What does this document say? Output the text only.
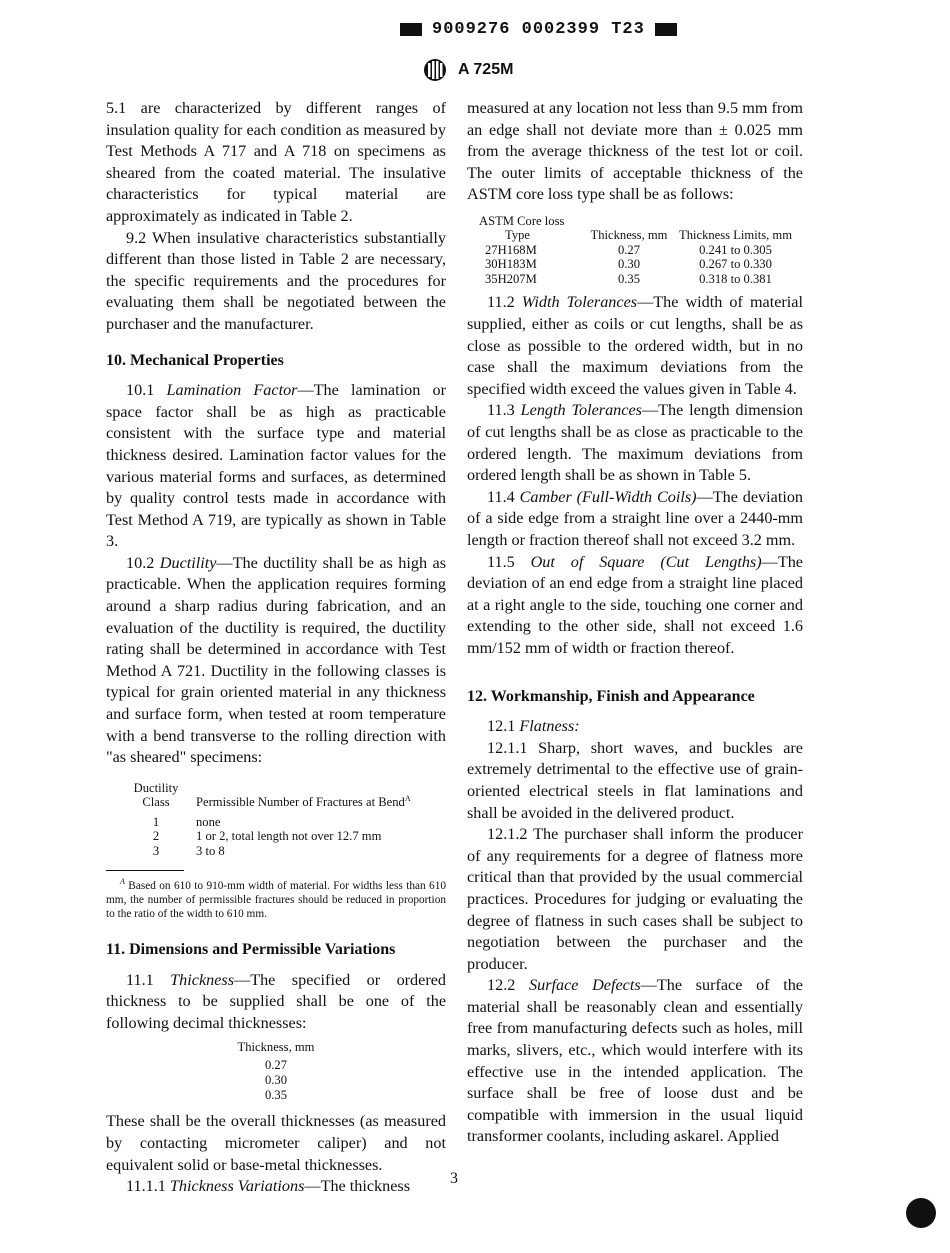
9009276 0002399 T23
A 725M

5.1 are characterized by different ranges of insulation quality for each condition as measured by Test Methods A 717 and A 718 on specimens as sheared from the coated material. The insulative characteristics for typical material are approximately as indicated in Table 2.

9.2 When insulative characteristics substantially different than those listed in Table 2 are necessary, the specific requirements and the procedures for evaluating them shall be negotiated between the purchaser and the manufacturer.

10. Mechanical Properties

10.1 Lamination Factor—The lamination or space factor shall be as high as practicable consistent with the surface type and material thickness desired. Lamination factor values for the various material forms and surfaces, as determined by quality control tests made in accordance with Test Method A 719, are typically as shown in Table 3.

10.2 Ductility—The ductility shall be as high as practicable. When the application requires forming around a sharp radius during fabrication, and an evaluation of the ductility is required, the ductility rating shall be determined in accordance with Test Method A 721. Ductility in the following classes is typical for grain oriented material in any thickness and surface form, when tested at room temperature with a bend transverse to the rolling direction with "as sheared" specimens:

Ductility
Class	Permissible Number of Fractures at Bend$^A$

1	none
2	1 or 2, total length not over 12.7 mm
3	3 to 8

$^A$ Based on 610 to 910-mm width of material. For widths less than 610 mm, the number of permissible fractures should be reduced in proportion to the ratio of the width to 610 mm.

11. Dimensions and Permissible Variations

11.1 Thickness—The specified or ordered thickness to be supplied shall be one of the following decimal thicknesses:

Thickness, mm
0.27
0.30
0.35

These shall be the overall thicknesses (as measured by contacting micrometer caliper) and not equivalent solid or base-metal thicknesses.

11.1.1 Thickness Variations—The thickness

measured at any location not less than 9.5 mm from an edge shall not deviate more than ± 0.025 mm from the average thickness of the test lot or coil. The outer limits of acceptable thickness of the ASTM core loss type shall be as follows:

ASTM Core loss
Type	Thickness, mm	Thickness Limits, mm
27H168M	0.27	0.241 to 0.305
30H183M	0.30	0.267 to 0.330
35H207M	0.35	0.318 to 0.381

11.2 Width Tolerances—The width of material supplied, either as coils or cut lengths, shall be as close as possible to the ordered width, but in no case shall the maximum deviations from the specified width exceed the values given in Table 4.

11.3 Length Tolerances—The length dimension of cut lengths shall be as close as practicable to the ordered length. The maximum deviations from ordered length shall be as shown in Table 5.

11.4 Camber (Full-Width Coils)—The deviation of a side edge from a straight line over a 2440-mm length or fraction thereof shall not exceed 3.2 mm.

11.5 Out of Square (Cut Lengths)—The deviation of an end edge from a straight line placed at a right angle to the side, touching one corner and extending to the other side, shall not exceed 1.6 mm/152 mm of width or fraction thereof.

12. Workmanship, Finish and Appearance

12.1 Flatness:

12.1.1 Sharp, short waves, and buckles are extremely detrimental to the effective use of grain-oriented electrical steels in flat laminations and shall be avoided in the delivered product.

12.1.2 The purchaser shall inform the producer of any requirements for a degree of flatness more critical than that provided by the usual commercial practices. Procedures for judging or evaluating the degree of flatness in such cases shall be subject to negotiation between the purchaser and the producer.

12.2 Surface Defects—The surface of the material shall be reasonably clean and essentially free from manufacturing defects such as holes, mill marks, slivers, etc., which would interfere with its effective use in the intended application. The surface shall be free of loose dust and be compatible with immersion in the usual liquid transformer coolants, including askarel. Applied

3
